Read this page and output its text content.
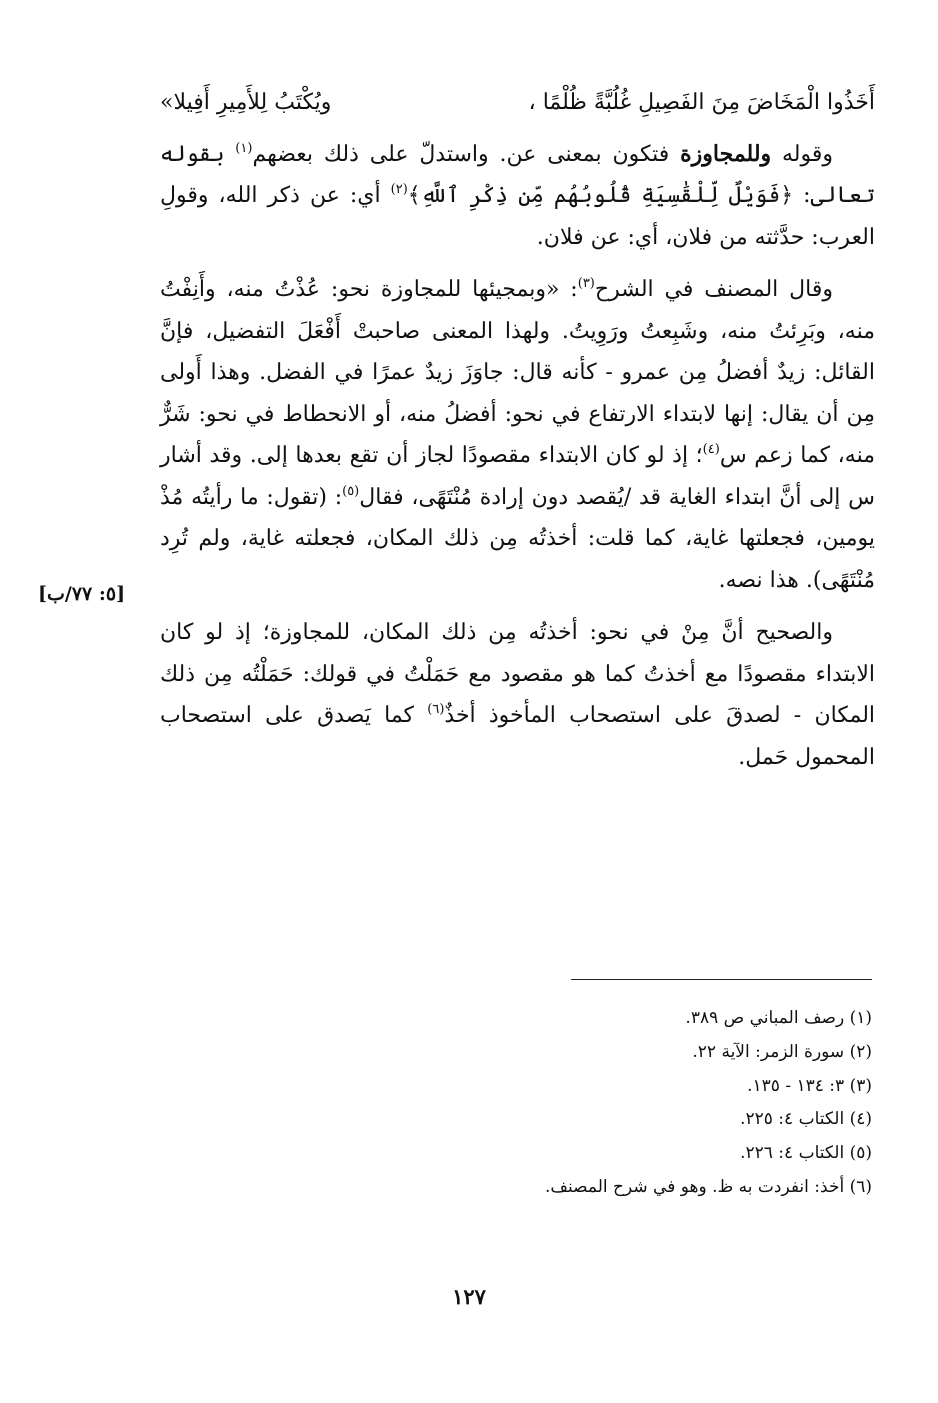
أَخَذُوا الْمَخَاضَ مِنَ الفَصِيلِ غُلُبَّةً ظُلْمًا ،
ويُكْتَبُ لِلأَمِيرِ أَفِيلا»

وقوله وللمجاوزة فتكون بمعنى عن. واستدلّ على ذلك بعضهم$^{(١)}$ بقوله تعالى: ﴿فَوَيْلٌ لِّلْقَٰسِيَةِ قُلُوبُهُم مِّن ذِكْرِ ٱللَّهِ﴾$^{(٢)}$ أي: عن ذكر الله، وقولِ العرب: حدَّثته من فلان، أي: عن فلان.

وقال المصنف في الشرح$^{(٣)}$: «وبمجيئها للمجاوزة نحو: عُذْتُ منه، وأَنِفْتُ منه، وبَرِئتُ منه، وشَبِعتُ ورَوِيتُ. ولهذا المعنى صاحبتْ أَفْعَلَ التفضيل، فإنَّ القائل: زيدٌ أفضلُ مِن عمرو - كأنه قال: جاوَزَ زيدٌ عمرًا في الفضل. وهذا أَولى مِن أن يقال: إنها لابتداء الارتفاع في نحو: أفضلُ منه، أو الانحطاط في نحو: شَرٌّ منه، كما زعم س$^{(٤)}$؛ إذ لو كان الابتداء مقصودًا لجاز أن تقع بعدها إلى. وقد أشار س إلى أنَّ ابتداء الغاية قد /يُقصد دون إرادة مُنْتَهًى، فقال$^{(٥)}$: (تقول: ما رأيتُه مُذْ يومين، فجعلتها غاية، كما قلت: أخذتُه مِن ذلك المكان، فجعلته غاية، ولم تُرِد مُنْتَهًى). هذا نصه.

والصحيح أنَّ مِنْ في نحو: أخذتُه مِن ذلك المكان، للمجاوزة؛ إذ لو كان الابتداء مقصودًا مع أخذتُ كما هو مقصود مع حَمَلْتُ في قولك: حَمَلْتُه مِن ذلك المكان - لصدقَ على استصحاب المأخوذ أخذٌ$^{(٦)}$ كما يَصدق على استصحاب المحمول حَمل.

[٥: ٧٧/ب]
(١) رصف المباني ص ٣٨٩.
(٢) سورة الزمر: الآية ٢٢.
(٣) ٣: ١٣٤ - ١٣٥.
(٤) الكتاب ٤: ٢٢٥.
(٥) الكتاب ٤: ٢٢٦.
(٦) أخذ: انفردت به ظ. وهو في شرح المصنف.
١٢٧
